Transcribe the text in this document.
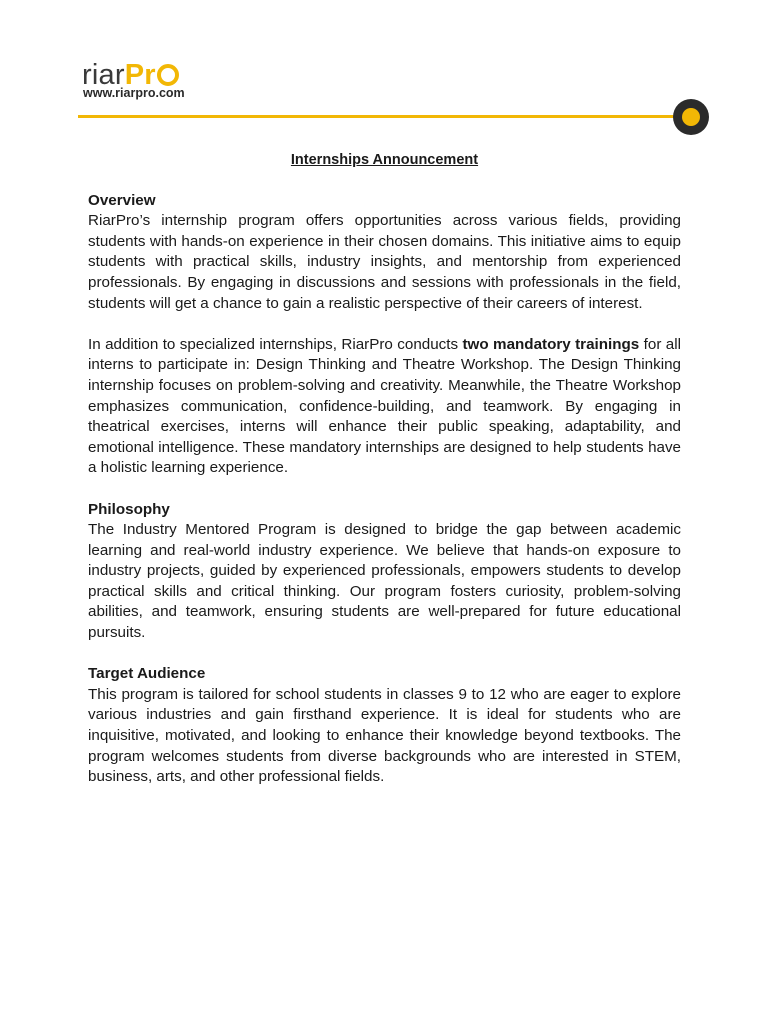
riar Pr
www.riarpro.com
Internships Announcement
Overview

RiarPro’s internship program offers opportunities across various fields, providing students with hands-on experience in their chosen domains. This initiative aims to equip students with practical skills, industry insights, and mentorship from experienced professionals. By engaging in discussions and sessions with professionals in the field, students will get a chance to gain a realistic perspective of their careers of interest.

In addition to specialized internships, RiarPro conducts two mandatory trainings for all interns to participate in: Design Thinking and Theatre Workshop. The Design Thinking internship focuses on problem-solving and creativity. Meanwhile, the Theatre Workshop emphasizes communication, confidence-building, and teamwork. By engaging in theatrical exercises, interns will enhance their public speaking, adaptability, and emotional intelligence. These mandatory internships are designed to help students have a holistic learning experience.

Philosophy

The Industry Mentored Program is designed to bridge the gap between academic learning and real-world industry experience. We believe that hands-on exposure to industry projects, guided by experienced professionals, empowers students to develop practical skills and critical thinking. Our program fosters curiosity, problem-solving abilities, and teamwork, ensuring students are well-prepared for future educational pursuits.

Target Audience

This program is tailored for school students in classes 9 to 12 who are eager to explore various industries and gain firsthand experience. It is ideal for students who are inquisitive, motivated, and looking to enhance their knowledge beyond textbooks. The program welcomes students from diverse backgrounds who are interested in STEM, business, arts, and other professional fields.
